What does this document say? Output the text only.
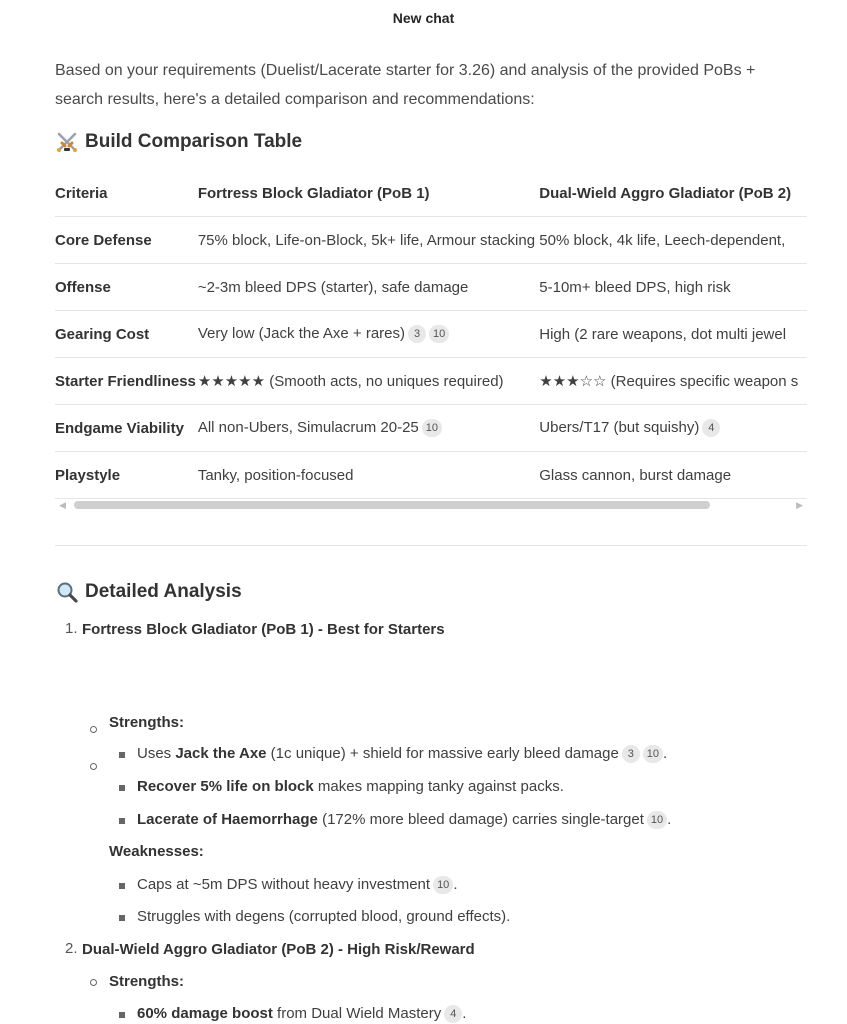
New chat

Based on your requirements (Duelist/Lacerate starter for 3.26) and analysis of the provided PoBs + search results, here's a detailed comparison and recommendations:

Build Comparison Table
Criteria	Fortress Block Gladiator (PoB 1)	Dual-Wield Aggro Gladiator (PoB 2)
Core Defense	75% block, Life-on-Block, 5k+ life, Armour stacking	50% block, 4k life, Leech-dependent,
Offense	~2-3m bleed DPS (starter), safe damage	5-10m+ bleed DPS, high risk
Gearing Cost	Very low (Jack the Axe + rares) 3 10	High (2 rare weapons, dot multi jewel
Starter Friendliness	★★★★★ (Smooth acts, no uniques required)	★★★☆☆ (Requires specific weapon s
Endgame Viability	All non-Ubers, Simulacrum 20-25 10	Ubers/T17 (but squishy) 4
Playstyle	Tanky, position-focused	Glass cannon, burst damage
◀	▶
Detailed Analysis
1. Fortress Block Gladiator (PoB 1) - Best for Starters
Strengths:
Uses Jack the Axe (1c unique) + shield for massive early bleed damage 3 10 .
Recover 5% life on block makes mapping tanky against packs.
Lacerate of Haemorrhage (172% more bleed damage) carries single-target 10 .
Weaknesses:
Caps at ~5m DPS without heavy investment 10 .
Struggles with degens (corrupted blood, ground effects).
2. Dual-Wield Aggro Gladiator (PoB 2) - High Risk/Reward
Strengths:
60% damage boost from Dual Wield Mastery 4 .
